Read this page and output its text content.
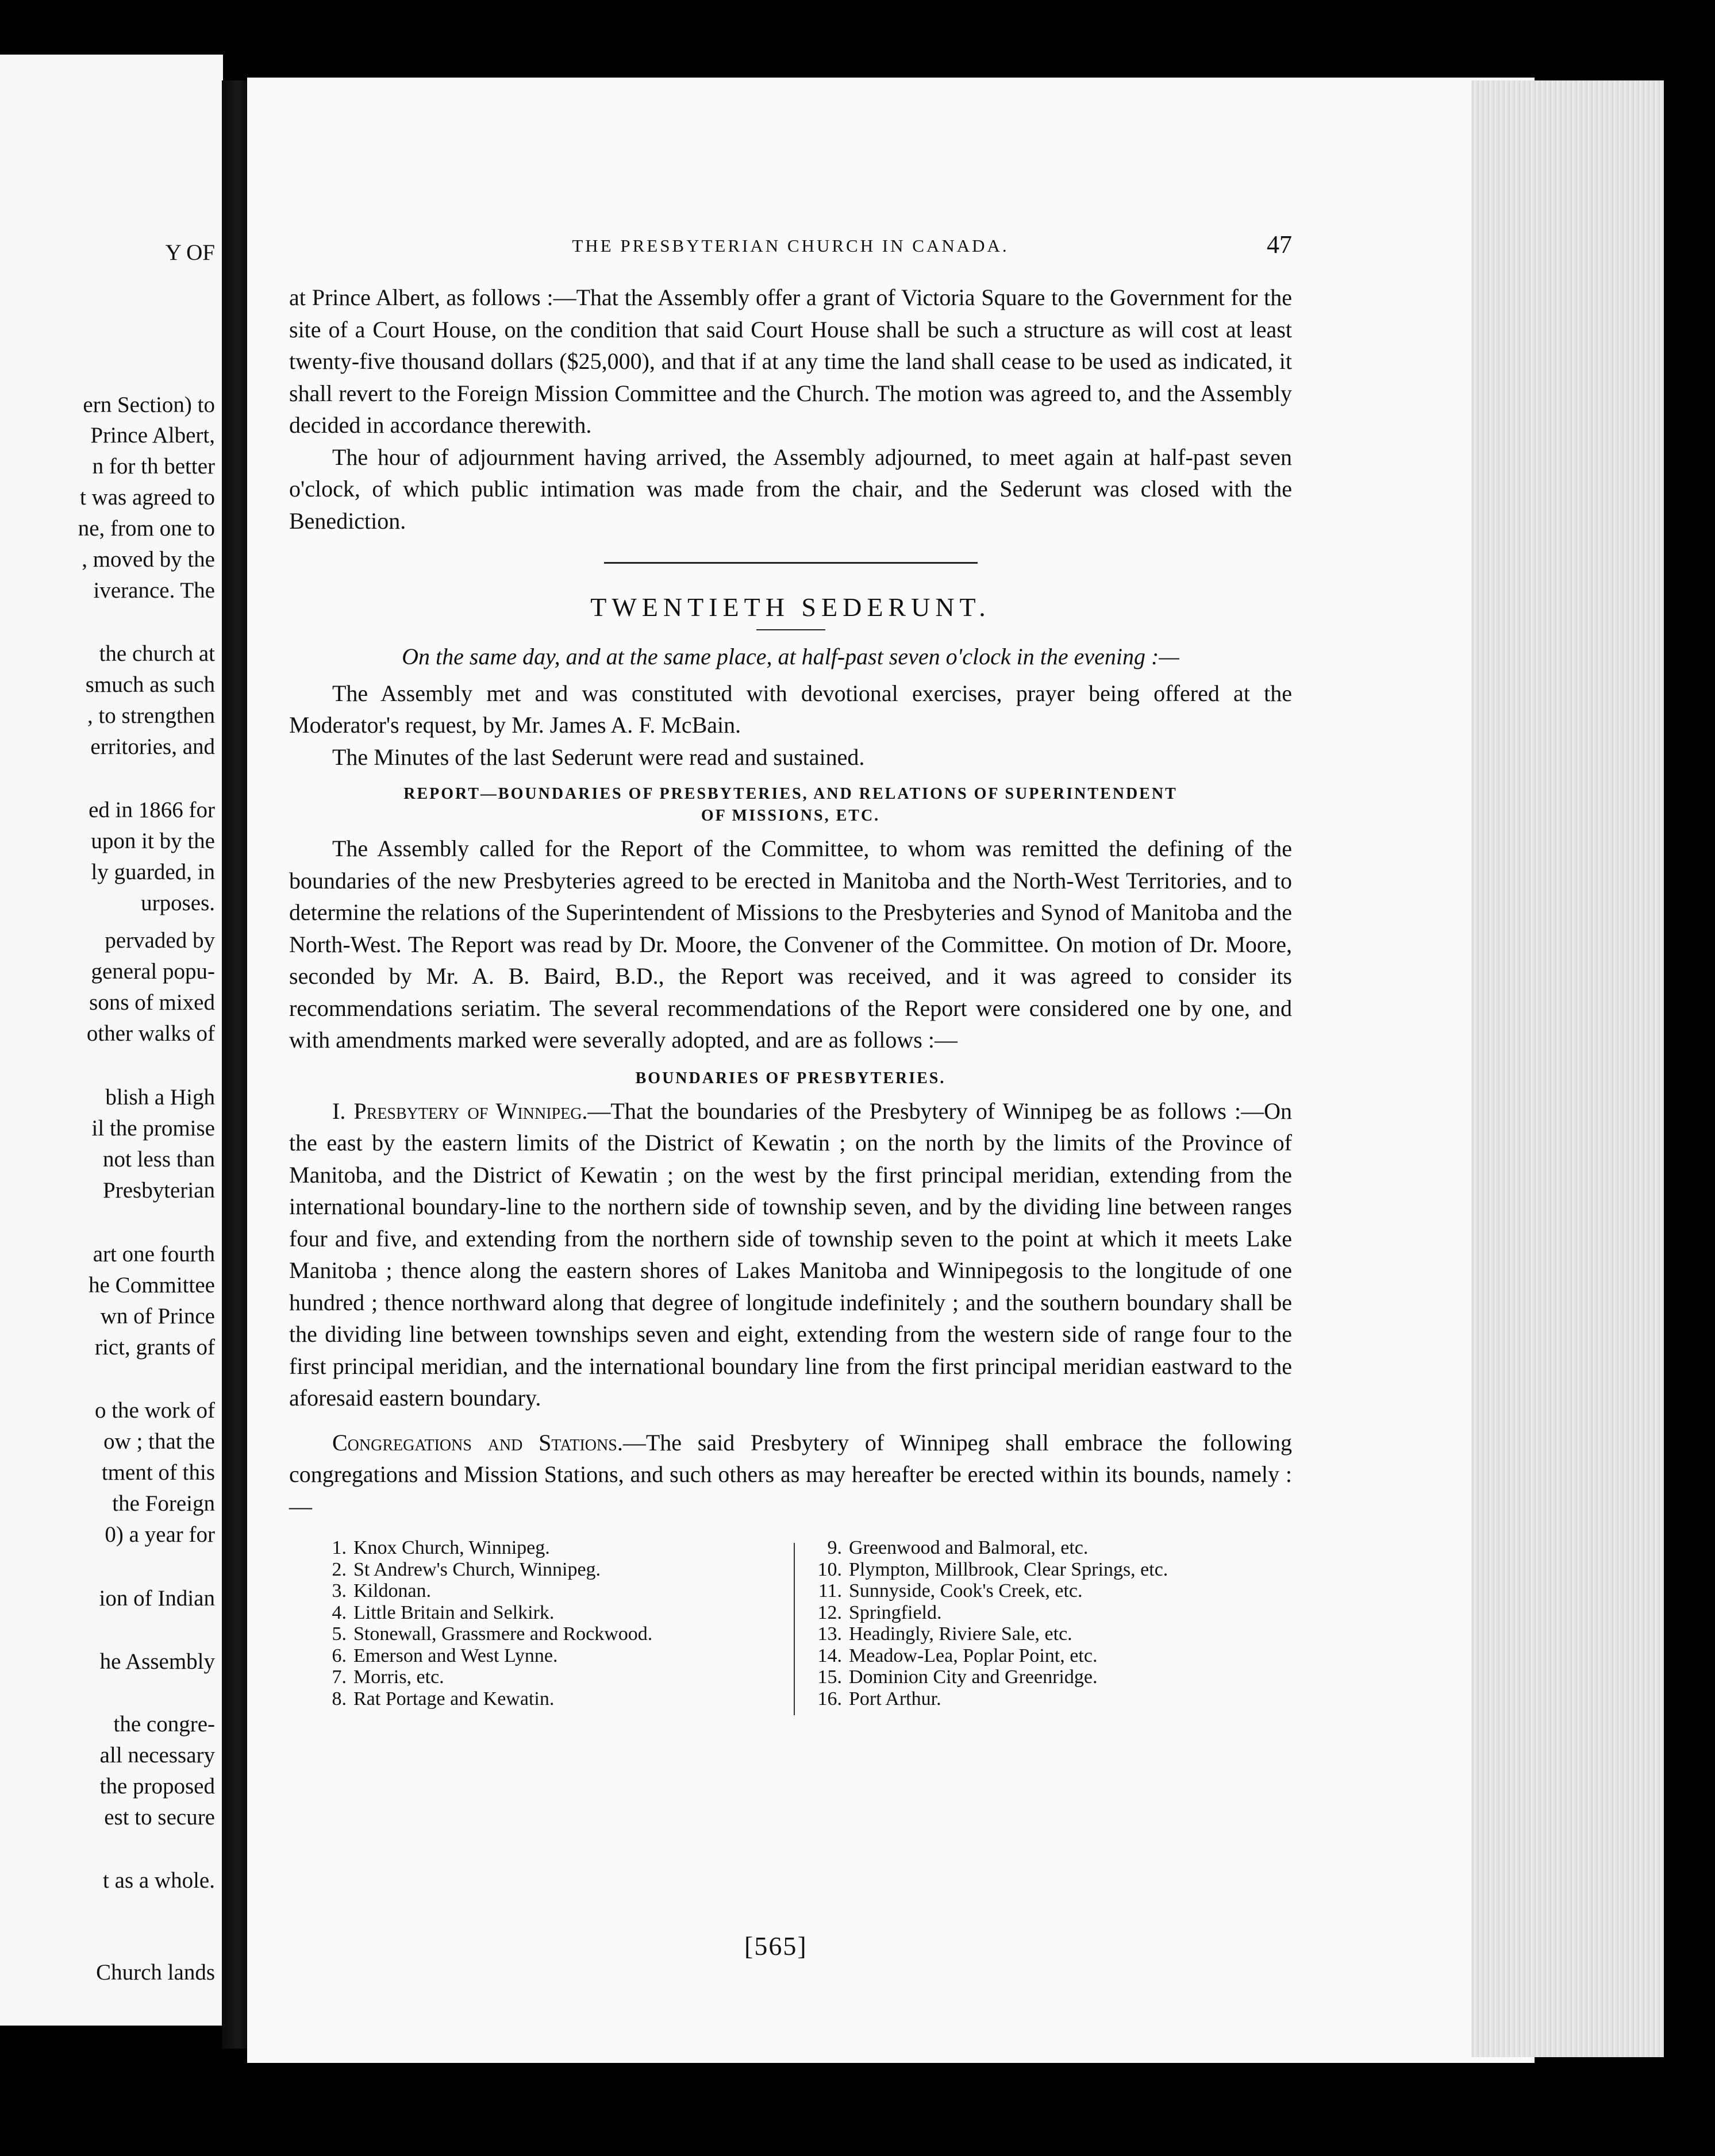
Y OF
ern Section) to
Prince Albert,
n for th better
t was agreed to
ne, from one to
, moved by the
iverance. The
the church at
smuch as such
, to strengthen
erritories, and
ed in 1866 for
upon it by the
ly guarded, in
urposes.
pervaded by
general popu-
sons of mixed
other walks of
blish a High
il the promise
not less than
Presbyterian
art one fourth
he Committee
wn of Prince
rict, grants of
o the work of
ow ; that the
tment of this
the Foreign
0) a year for
ion of Indian
he Assembly
the congre-
all necessary
the proposed
est to secure
t as a whole.
Church lands
THE PRESBYTERIAN CHURCH IN CANADA.	47

at Prince Albert, as follows :—That the Assembly offer a grant of Victoria Square to the Government for the site of a Court House, on the condition that said Court House shall be such a structure as will cost at least twenty-five thousand dollars ($25,000), and that if at any time the land shall cease to be used as indicated, it shall revert to the Foreign Mission Committee and the Church. The motion was agreed to, and the Assembly decided in accordance therewith.

The hour of adjournment having arrived, the Assembly adjourned, to meet again at half-past seven o'clock, of which public intimation was made from the chair, and the Sederunt was closed with the Benediction.

TWENTIETH SEDERUNT.

On the same day, and at the same place, at half-past seven o'clock in the evening :—

The Assembly met and was constituted with devotional exercises, prayer being offered at the Moderator's request, by Mr. James A. F. McBain.

The Minutes of the last Sederunt were read and sustained.

REPORT—BOUNDARIES OF PRESBYTERIES, AND RELATIONS OF SUPERINTENDENT
OF MISSIONS, ETC.

The Assembly called for the Report of the Committee, to whom was remitted the defining of the boundaries of the new Presbyteries agreed to be erected in Manitoba and the North-West Territories, and to determine the relations of the Superintendent of Missions to the Presbyteries and Synod of Manitoba and the North-West. The Report was read by Dr. Moore, the Convener of the Committee. On motion of Dr. Moore, seconded by Mr. A. B. Baird, B.D., the Report was received, and it was agreed to consider its recommendations seriatim. The several recommendations of the Report were considered one by one, and with amendments marked were severally adopted, and are as follows :—

BOUNDARIES OF PRESBYTERIES.

I. Presbytery of Winnipeg.—That the boundaries of the Presbytery of Winnipeg be as follows :—On the east by the eastern limits of the District of Kewatin ; on the north by the limits of the Province of Manitoba, and the District of Kewatin ; on the west by the first principal meridian, extending from the international boundary-line to the northern side of township seven, and by the dividing line between ranges four and five, and extending from the northern side of township seven to the point at which it meets Lake Manitoba ; thence along the eastern shores of Lakes Manitoba and Winnipegosis to the longitude of one hundred ; thence northward along that degree of longitude indefinitely ; and the southern boundary shall be the dividing line between townships seven and eight, extending from the western side of range four to the first principal meridian, and the international boundary line from the first principal meridian eastward to the aforesaid eastern boundary.

Congregations and Stations.—The said Presbytery of Winnipeg shall embrace the following congregations and Mission Stations, and such others as may hereafter be erected within its bounds, namely :—

1. Knox Church, Winnipeg.
2. St Andrew's Church, Winnipeg.
3. Kildonan.
4. Little Britain and Selkirk.
5. Stonewall, Grassmere and Rockwood.
6. Emerson and West Lynne.
7. Morris, etc.
8. Rat Portage and Kewatin.
9. Greenwood and Balmoral, etc.
10. Plympton, Millbrook, Clear Springs, etc.
11. Sunnyside, Cook's Creek, etc.
12. Springfield.
13. Headingly, Riviere Sale, etc.
14. Meadow-Lea, Poplar Point, etc.
15. Dominion City and Greenridge.
16. Port Arthur.
[565]
